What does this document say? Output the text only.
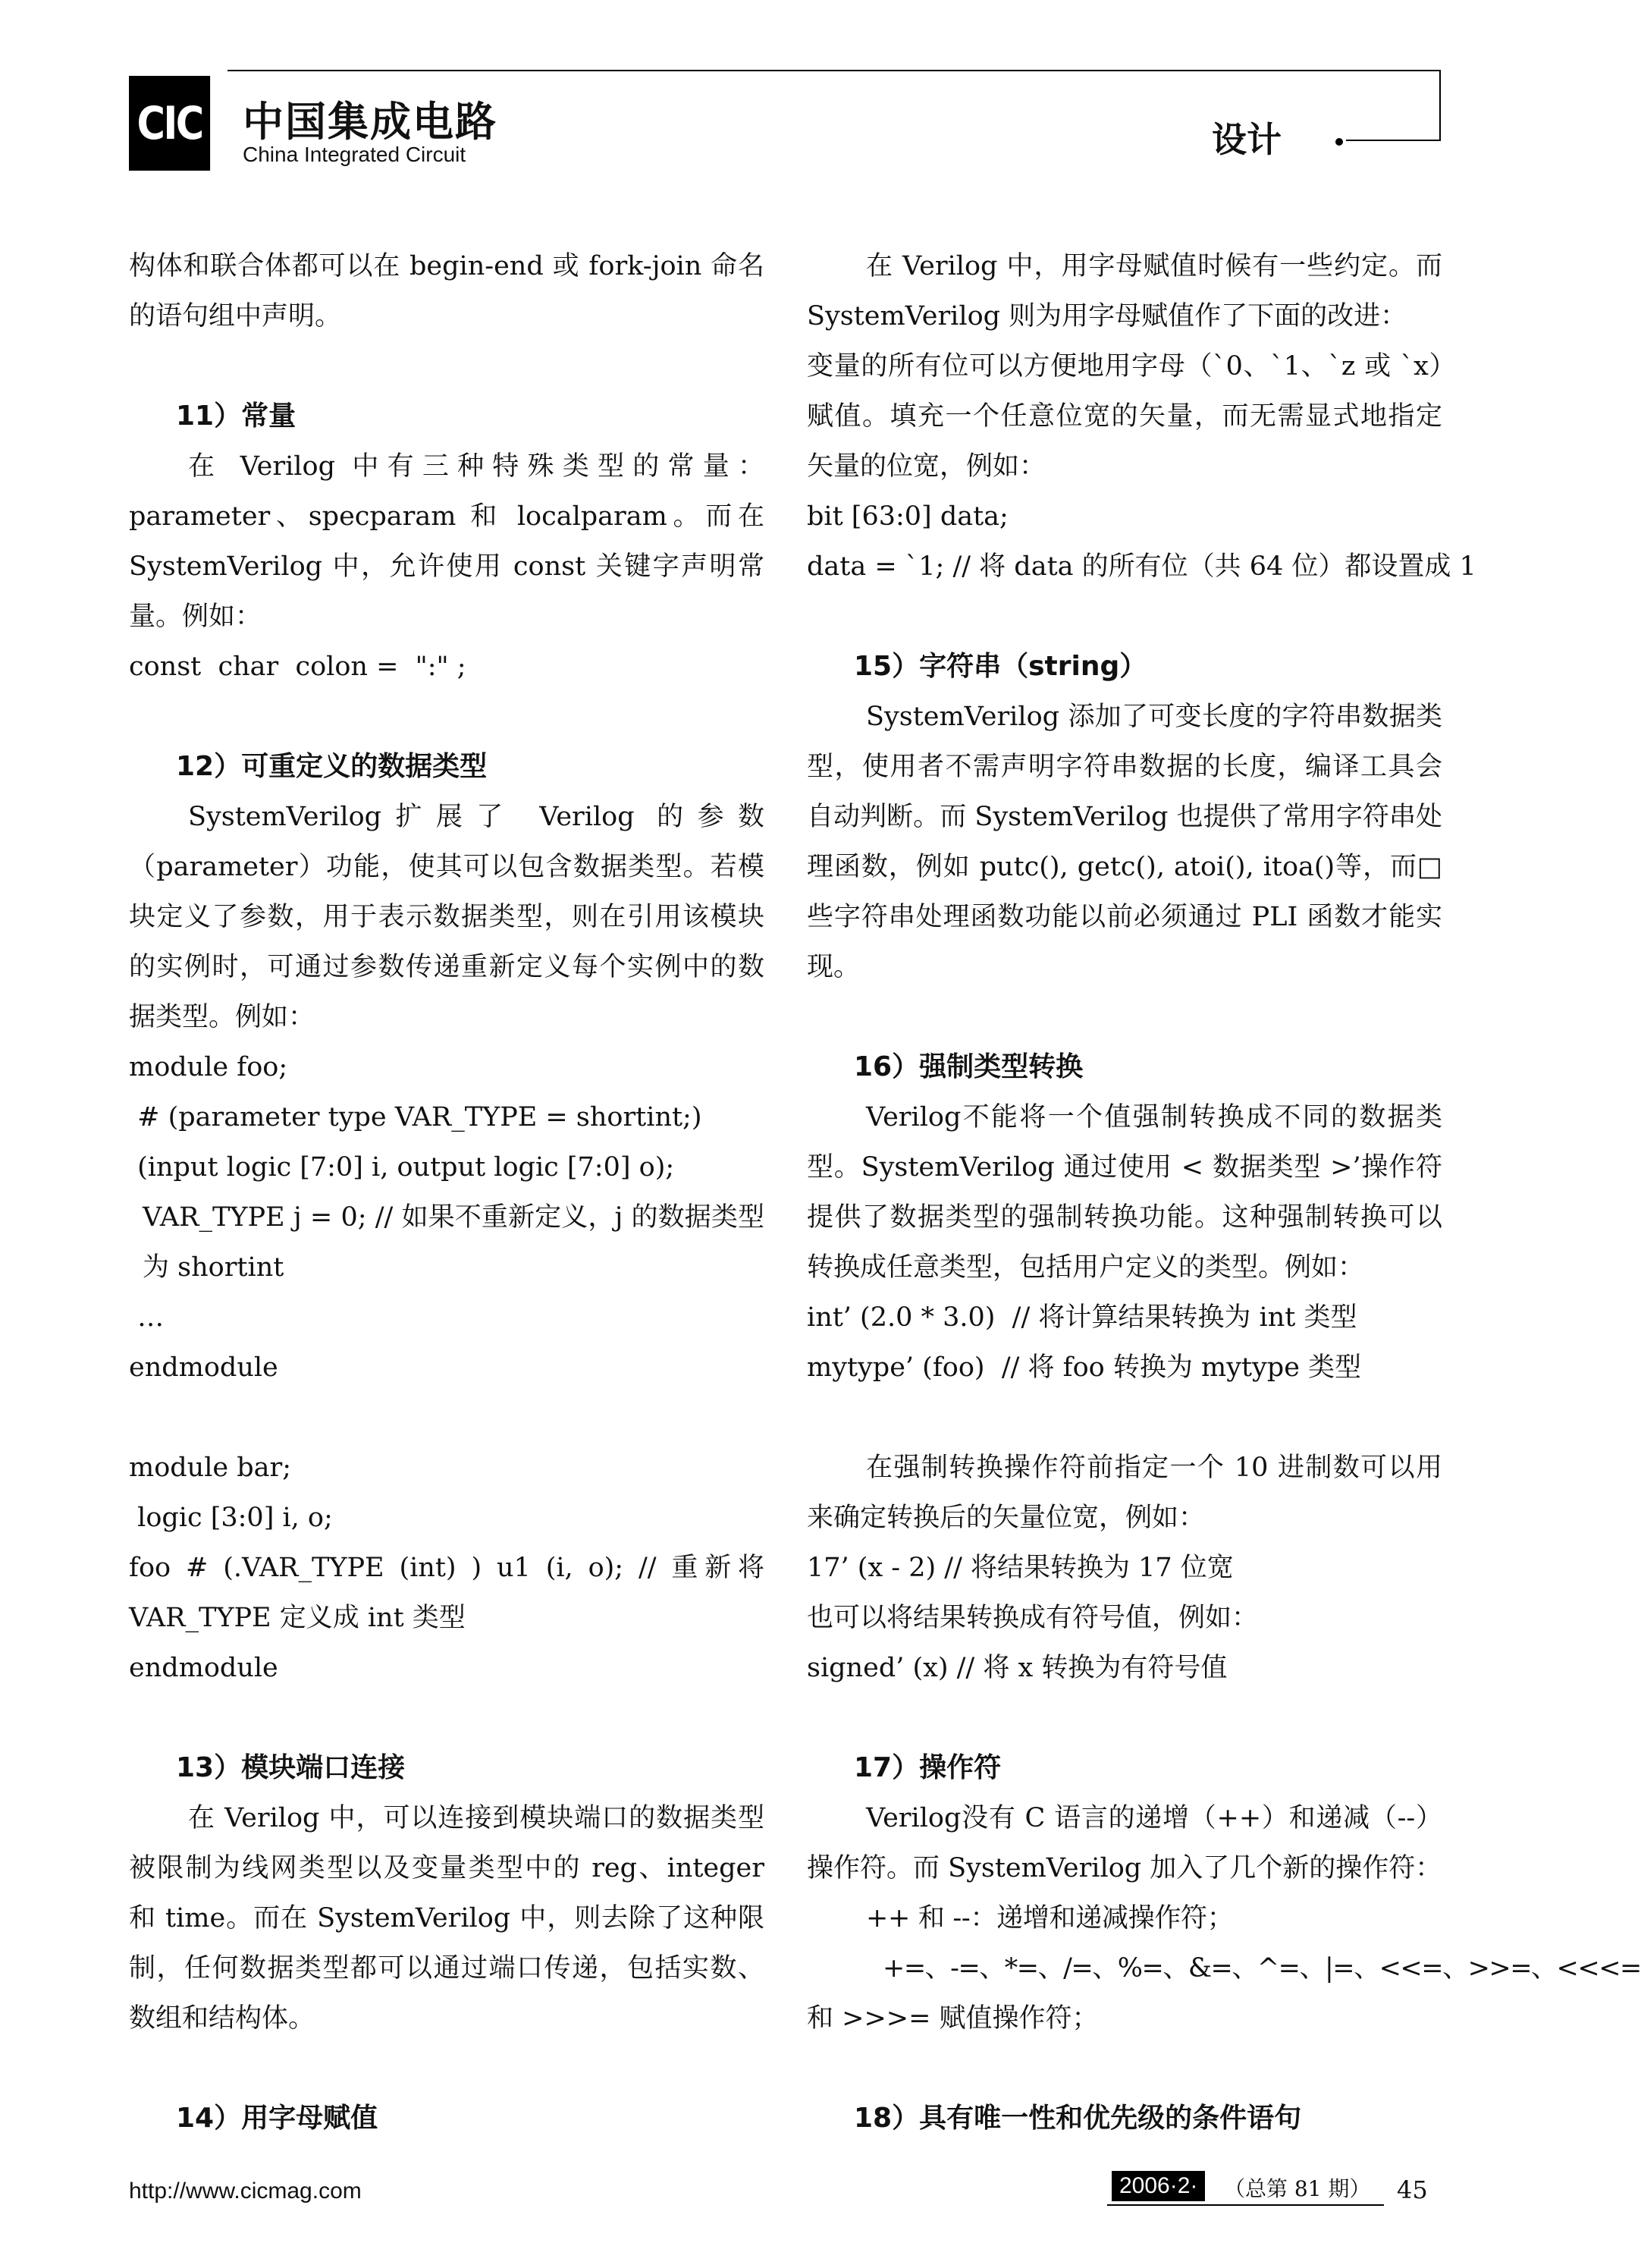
CIC 中国集成电路
China Integrated Circuit	设计

构体和联合体都可以在 begin-end 或 fork-join 命名的语句组中声明。

11）常量

在 Verilog 中有三种特殊类型的常量：parameter、specparam 和 localparam。而在 SystemVerilog 中，允许使用 const 关键字声明常量。例如：

const  char  colon =  ":" ;

12）可重定义的数据类型

SystemVerilog扩展了 Verilog 的参数（parameter）功能，使其可以包含数据类型。若模块定义了参数，用于表示数据类型，则在引用该模块的实例时，可通过参数传递重新定义每个实例中的数据类型。例如：

module foo;

# (parameter type VAR_TYPE = shortint;)

(input logic [7:0] i, output logic [7:0] o);

VAR_TYPE j = 0; // 如果不重新定义，j 的数据类型为 shortint

…

endmodule

module bar;

logic [3:0] i, o;

foo # (.VAR_TYPE (int) ) u1 (i, o); // 重新将VAR_TYPE 定义成 int 类型

endmodule

13）模块端口连接

在 Verilog 中，可以连接到模块端口的数据类型被限制为线网类型以及变量类型中的 reg、integer 和 time。而在 SystemVerilog 中，则去除了这种限制，任何数据类型都可以通过端口传递，包括实数、数组和结构体。

14）用字母赋值

在 Verilog 中，用字母赋值时候有一些约定。而 SystemVerilog 则为用字母赋值作了下面的改进：

变量的所有位可以方便地用字母（`0、`1、`z 或 `x）赋值。填充一个任意位宽的矢量，而无需显式地指定矢量的位宽，例如：

bit [63:0] data;

data = `1; // 将 data 的所有位（共 64 位）都设置成 1

15）字符串（string）

SystemVerilog 添加了可变长度的字符串数据类型，使用者不需声明字符串数据的长度，编译工具会自动判断。而 SystemVerilog 也提供了常用字符串处理函数，例如 putc(), getc(), atoi(), itoa()等，而□些字符串处理函数功能以前必须通过 PLI 函数才能实现。

16）强制类型转换

Verilog不能将一个值强制转换成不同的数据类型。SystemVerilog 通过使用 < 数据类型 >’操作符提供了数据类型的强制转换功能。这种强制转换可以转换成任意类型，包括用户定义的类型。例如：

int’ (2.0 * 3.0)  // 将计算结果转换为 int 类型

mytype’ (foo)  // 将 foo 转换为 mytype 类型

在强制转换操作符前指定一个 10 进制数可以用来确定转换后的矢量位宽，例如：

17’ (x - 2) // 将结果转换为 17 位宽

也可以将结果转换成有符号值，例如：

signed’ (x) // 将 x 转换为有符号值

17）操作符

Verilog没有 C 语言的递增（++）和递减（--）操作符。而 SystemVerilog 加入了几个新的操作符：

++ 和 --：递增和递减操作符；

+=、-=、*=、/=、%=、&=、^=、|=、<<=、>>=、<<<=

和 >>>= 赋值操作符；

18）具有唯一性和优先级的条件语句

http://www.cicmag.com	2006·2·	（总第 81 期） 45
